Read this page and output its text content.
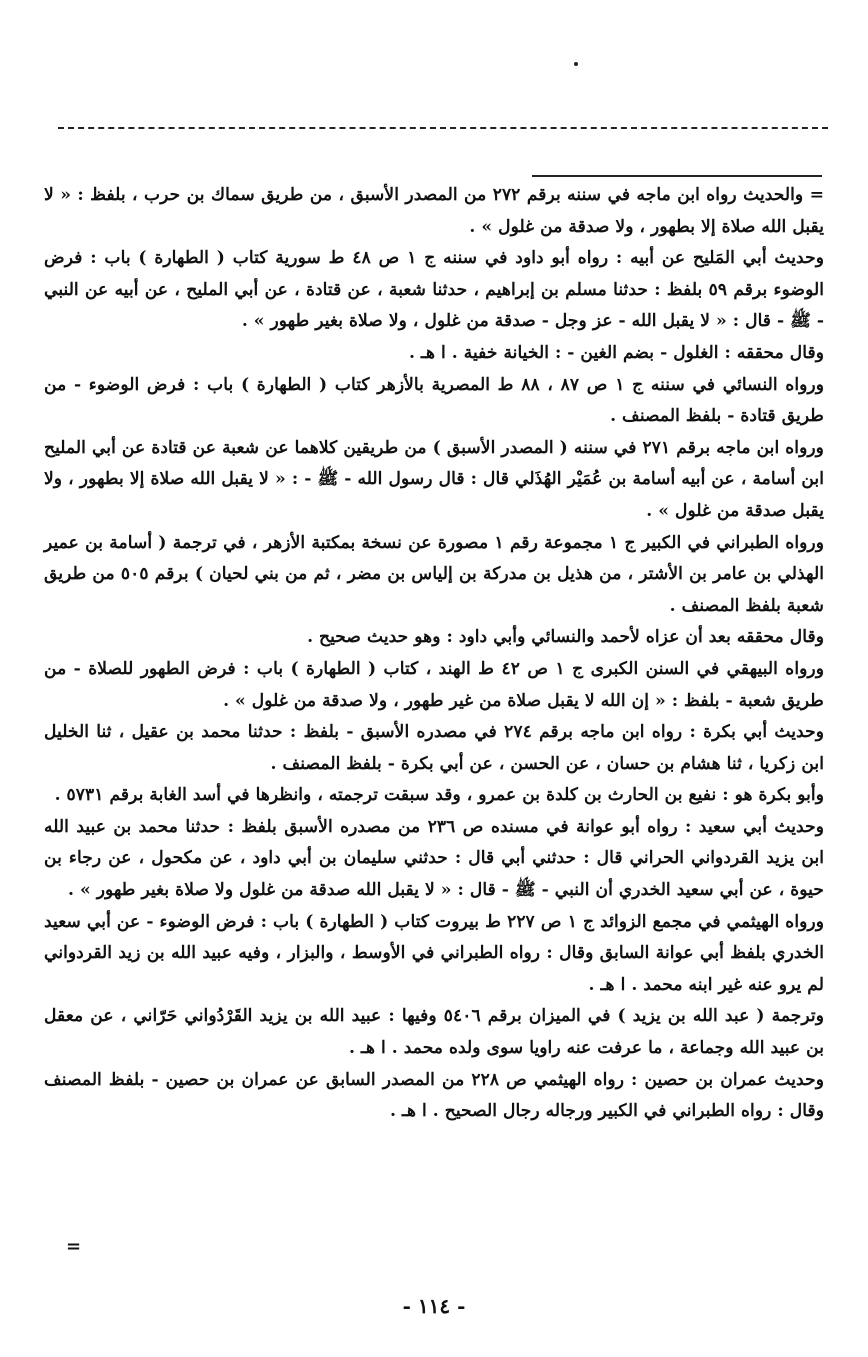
= والحديث رواه ابن ماجه في سننه برقم ٢٧٢ من المصدر الأسبق ، من طريق سماك بن حرب ، بلفظ : « لا يقبل الله صلاة إلا بطهور ، ولا صدقة من غلول » .

وحديث أبي المَليح عن أبيه : رواه أبو داود في سننه ج ١ ص ٤٨ ط سورية كتاب ( الطهارة ) باب : فرض الوضوء برقم ٥٩ بلفظ : حدثنا مسلم بن إبراهيم ، حدثنا شعبة ، عن قتادة ، عن أبي المليح ، عن أبيه عن النبي - ﷺ - قال : « لا يقبل الله - عز وجل - صدقة من غلول ، ولا صلاة بغير طهور » .

وقال محققه : الغلول - بضم الغين - : الخيانة خفية . ا هـ .

ورواه النسائي في سننه ج ١ ص ٨٧ ، ٨٨ ط المصرية بالأزهر كتاب ( الطهارة ) باب : فرض الوضوء - من طريق قتادة - بلفظ المصنف .

ورواه ابن ماجه برقم ٢٧١ في سننه ( المصدر الأسبق ) من طريقين كلاهما عن شعبة عن قتادة عن أبي المليح ابن أسامة ، عن أبيه أسامة بن عُمَيْر الهُذَلي قال : قال رسول الله - ﷺ - : « لا يقبل الله صلاة إلا بطهور ، ولا يقبل صدقة من غلول » .

ورواه الطبراني في الكبير ج ١ مجموعة رقم ١ مصورة عن نسخة بمكتبة الأزهر ، في ترجمة ( أسامة بن عمير الهذلي بن عامر بن الأشتر ، من هذيل بن مدركة بن إلياس بن مضر ، ثم من بني لحيان ) برقم ٥٠٥ من طريق شعبة بلفظ المصنف .

وقال محققه بعد أن عزاه لأحمد والنسائي وأبي داود : وهو حديث صحيح .

ورواه البيهقي في السنن الكبرى ج ١ ص ٤٢ ط الهند ، كتاب ( الطهارة ) باب : فرض الطهور للصلاة - من طريق شعبة - بلفظ : « إن الله لا يقبل صلاة من غير طهور ، ولا صدقة من غلول » .

وحديث أبي بكرة : رواه ابن ماجه برقم ٢٧٤ في مصدره الأسبق - بلفظ : حدثنا محمد بن عقيل ، ثنا الخليل ابن زكريا ، ثنا هشام بن حسان ، عن الحسن ، عن أبي بكرة - بلفظ المصنف .

وأبو بكرة هو : نفيع بن الحارث بن كلدة بن عمرو ، وقد سبقت ترجمته ، وانظرها في أسد الغابة برقم ٥٧٣١ .

وحديث أبي سعيد : رواه أبو عوانة في مسنده ص ٢٣٦ من مصدره الأسبق بلفظ : حدثنا محمد بن عبيد الله ابن يزيد القردواني الحراني قال : حدثني أبي قال : حدثني سليمان بن أبي داود ، عن مكحول ، عن رجاء بن حيوة ، عن أبي سعيد الخدري أن النبي - ﷺ - قال : « لا يقبل الله صدقة من غلول ولا صلاة بغير طهور » .

ورواه الهيثمي في مجمع الزوائد ج ١ ص ٢٢٧ ط بيروت كتاب ( الطهارة ) باب : فرض الوضوء - عن أبي سعيد الخدري بلفظ أبي عوانة السابق وقال : رواه الطبراني في الأوسط ، والبزار ، وفيه عبيد الله بن زيد القردواني لم يرو عنه غير ابنه محمد . ا هـ .

وترجمة ( عبد الله بن يزيد ) في الميزان برقم ٥٤٠٦ وفيها : عبيد الله بن يزيد القَرْدُواني حَرّاني ، عن معقل بن عبيد الله وجماعة ، ما عرفت عنه راويا سوى ولده محمد . ا هـ .

وحديث عمران بن حصين : رواه الهيثمي ص ٢٢٨ من المصدر السابق عن عمران بن حصين - بلفظ المصنف وقال : رواه الطبراني في الكبير ورجاله رجال الصحيح . ا هـ .

=
- ١١٤ -
